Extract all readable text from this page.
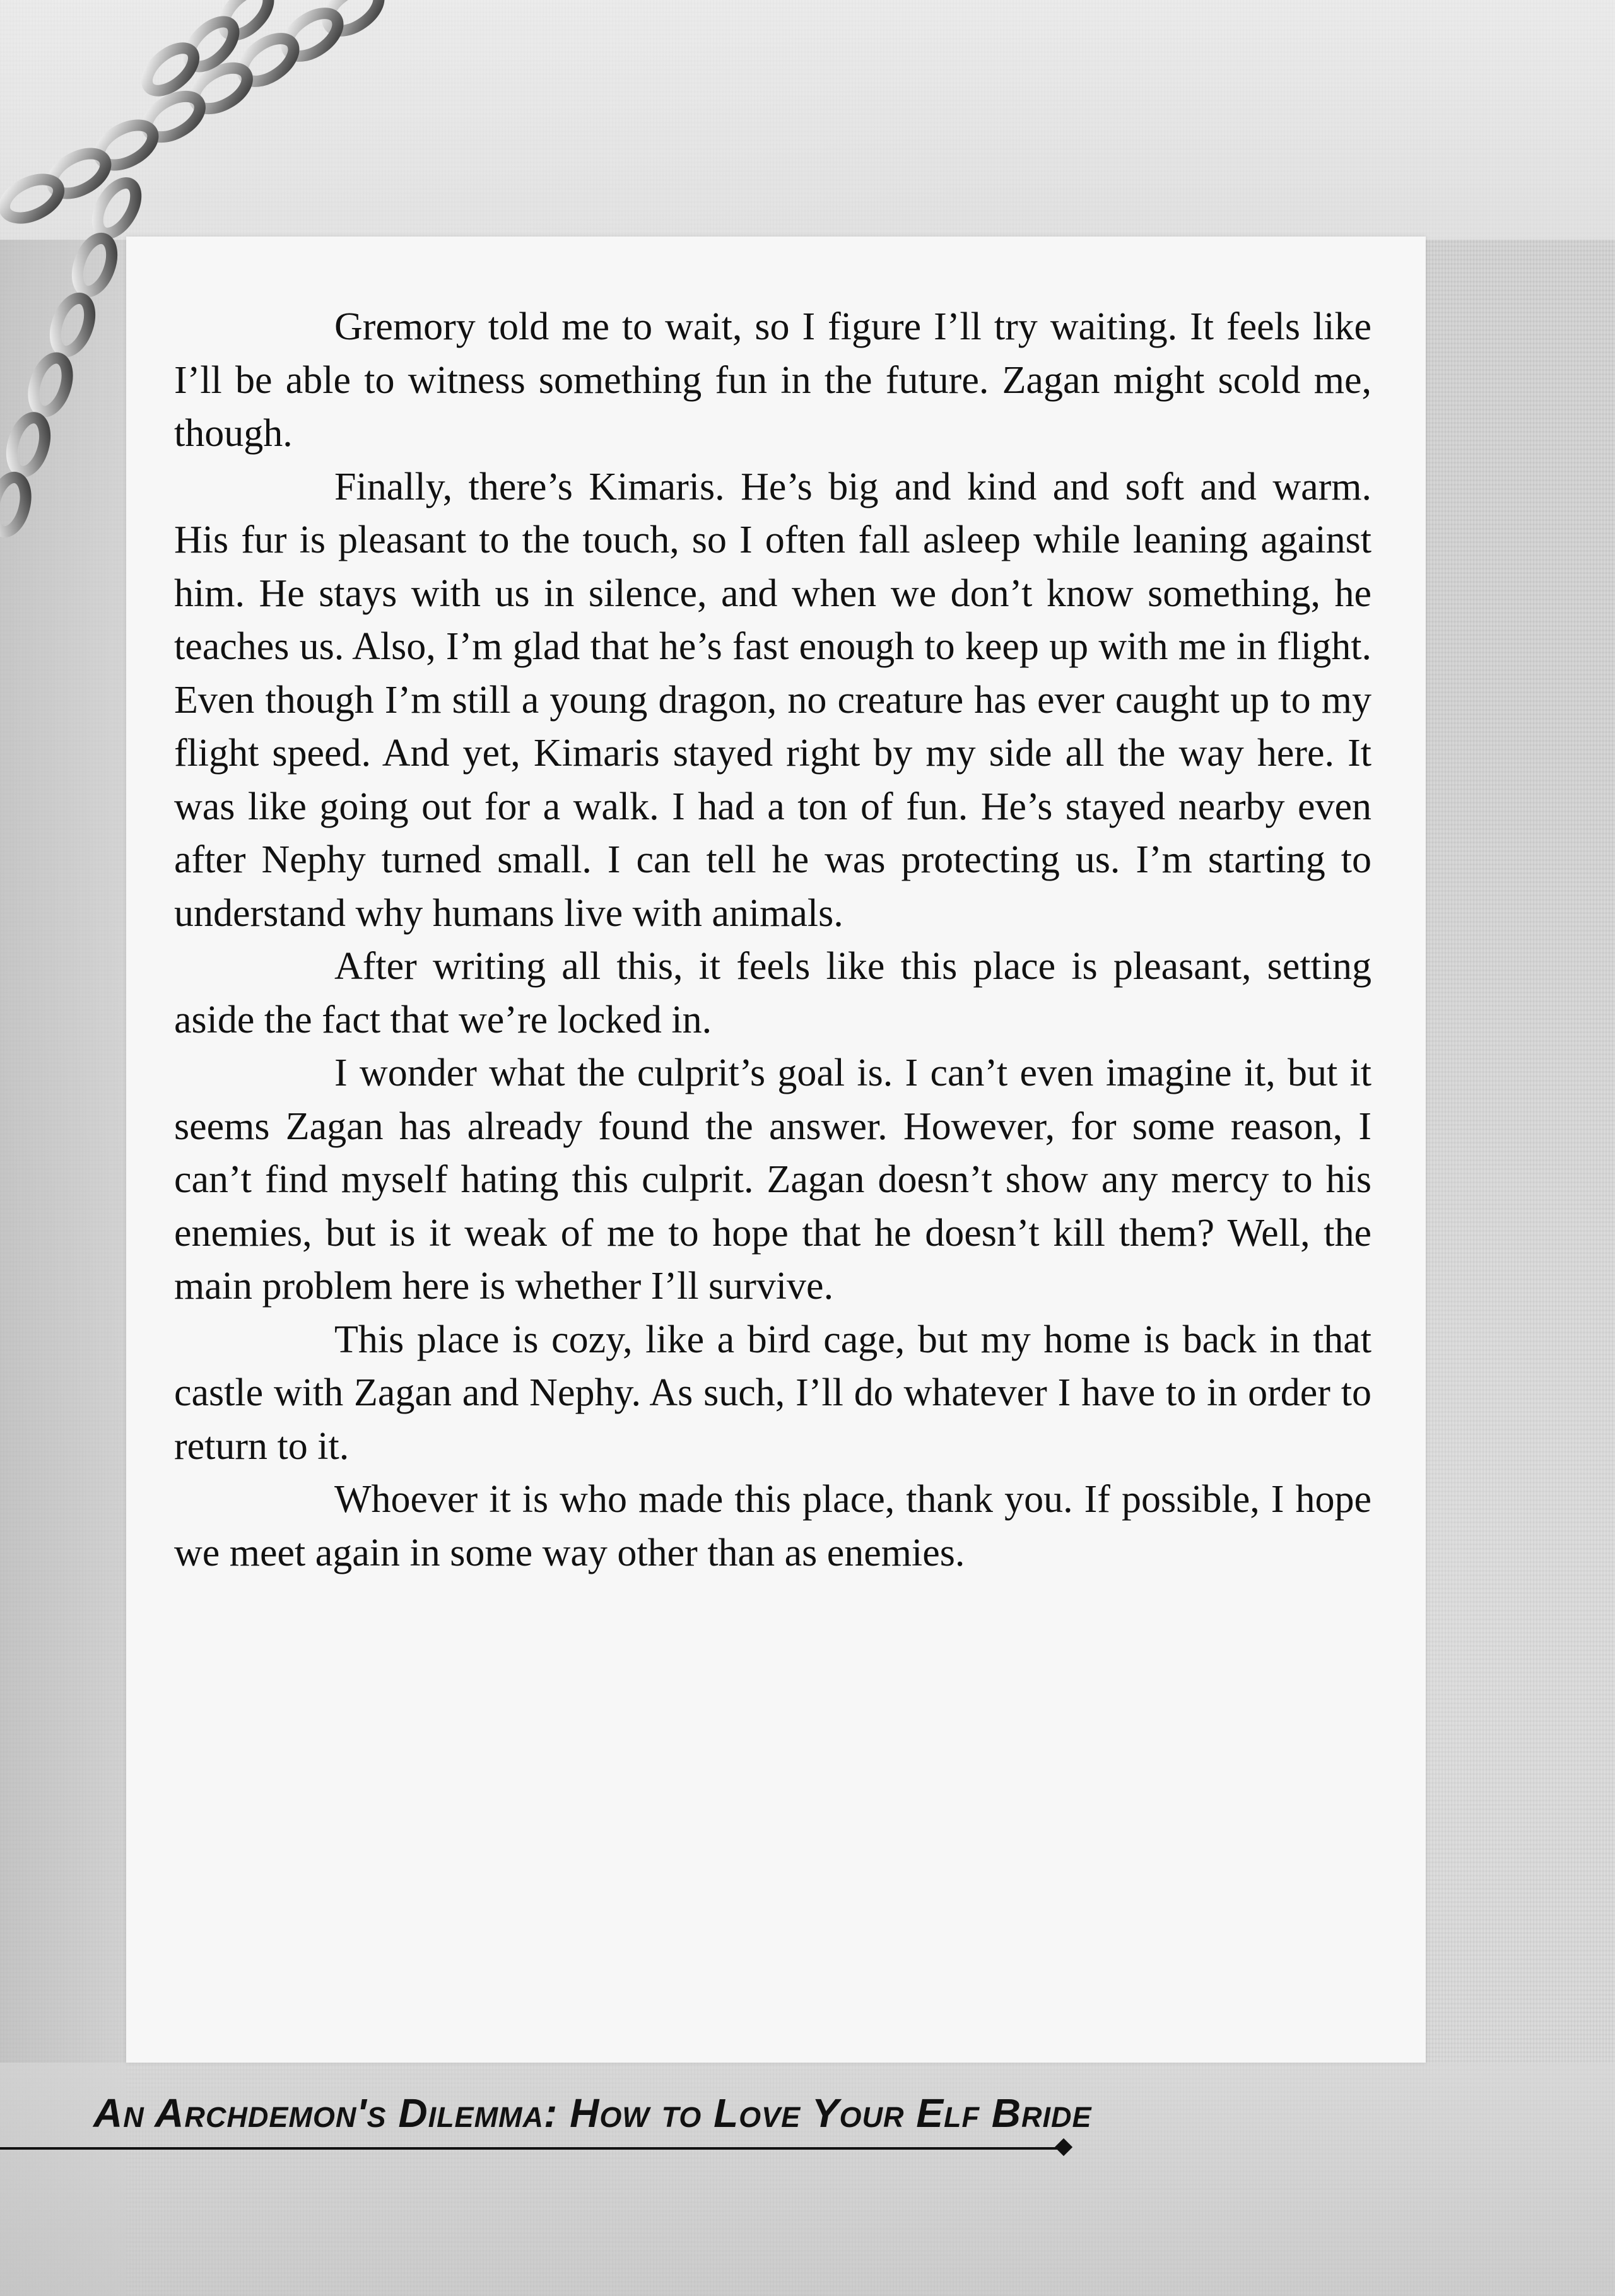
Gremory told me to wait, so I figure I’ll try waiting. It feels like I’ll be able to witness something fun in the future. Zagan might scold me, though.

Finally, there’s Kimaris. He’s big and kind and soft and warm. His fur is pleasant to the touch, so I often fall asleep while leaning against him. He stays with us in silence, and when we don’t know something, he teaches us. Also, I’m glad that he’s fast enough to keep up with me in flight. Even though I’m still a young dragon, no creature has ever caught up to my flight speed. And yet, Kimaris stayed right by my side all the way here. It was like going out for a walk. I had a ton of fun. He’s stayed nearby even after Nephy turned small. I can tell he was protecting us. I’m starting to understand why humans live with animals.

After writing all this, it feels like this place is pleasant, setting aside the fact that we’re locked in.

I wonder what the culprit’s goal is. I can’t even imagine it, but it seems Zagan has already found the answer. However, for some reason, I can’t find myself hating this culprit. Zagan doesn’t show any mercy to his enemies, but is it weak of me to hope that he doesn’t kill them? Well, the main problem here is whether I’ll survive.

This place is cozy, like a bird cage, but my home is back in that castle with Zagan and Nephy. As such, I’ll do whatever I have to in order to return to it.

Whoever it is who made this place, thank you. If possible, I hope we meet again in some way other than as enemies.

An Archdemon's Dilemma: How to Love Your Elf Bride
